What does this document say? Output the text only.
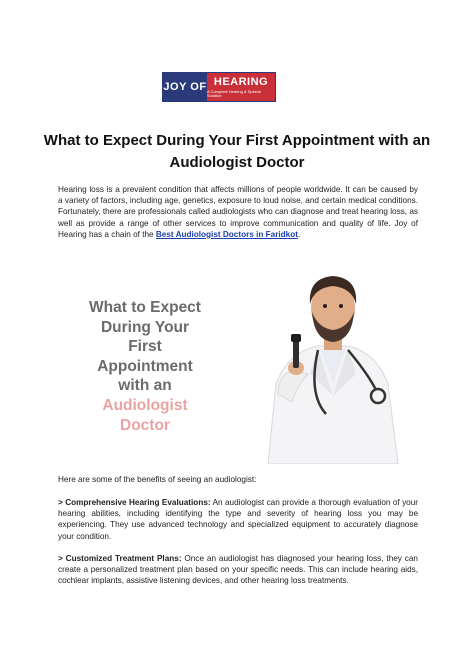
JOY OF HEARING
A Complete Hearing & Speech Solution
What to Expect During Your First Appointment with an Audiologist Doctor

Hearing loss is a prevalent condition that affects millions of people worldwide. It can be caused by a variety of factors, including age, genetics, exposure to loud noise, and certain medical conditions. Fortunately, there are professionals called audiologists who can diagnose and treat hearing loss, as well as provide a range of other services to improve communication and quality of life. Joy of Hearing has a chain of the Best Audiologist Doctors in Faridkot.

What to Expect
During Your
First
Appointment
with an
Audiologist
Doctor

Here are some of the benefits of seeing an audiologist:

> Comprehensive Hearing Evaluations: An audiologist can provide a thorough evaluation of your hearing abilities, including identifying the type and severity of hearing loss you may be experiencing. They use advanced technology and specialized equipment to accurately diagnose your condition.

> Customized Treatment Plans: Once an audiologist has diagnosed your hearing loss, they can create a personalized treatment plan based on your specific needs. This can include hearing aids, cochlear implants, assistive listening devices, and other hearing loss treatments.
